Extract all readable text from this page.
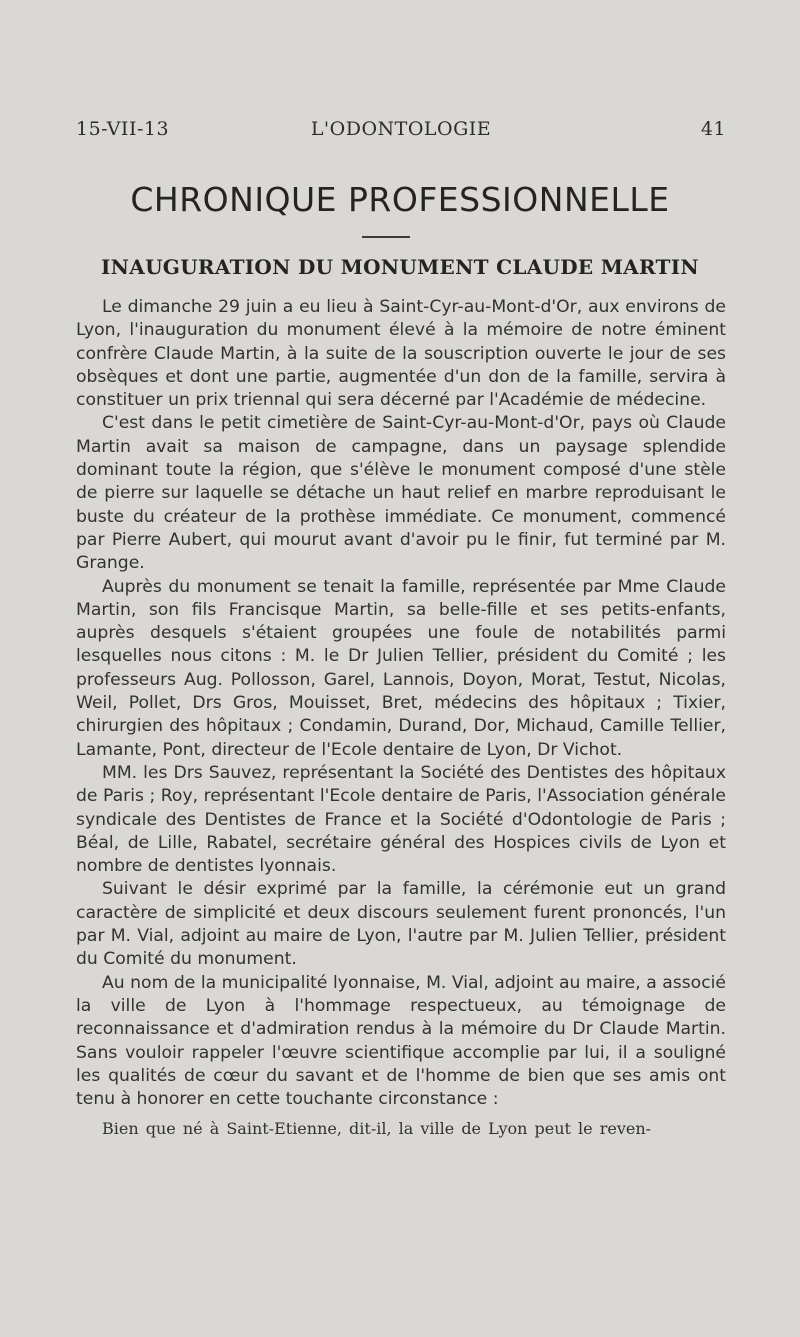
15-VII-13	L'ODONTOLOGIE	41
CHRONIQUE PROFESSIONNELLE
INAUGURATION DU MONUMENT CLAUDE MARTIN

Le dimanche 29 juin a eu lieu à Saint-Cyr-au-Mont-d'Or, aux environs de Lyon, l'inauguration du monument élevé à la mémoire de notre éminent confrère Claude Martin, à la suite de la souscription ouverte le jour de ses obsèques et dont une partie, augmentée d'un don de la famille, servira à constituer un prix triennal qui sera décerné par l'Académie de médecine.

C'est dans le petit cimetière de Saint-Cyr-au-Mont-d'Or, pays où Claude Martin avait sa maison de campagne, dans un paysage splendide dominant toute la région, que s'élève le monument composé d'une stèle de pierre sur laquelle se détache un haut relief en marbre reproduisant le buste du créateur de la prothèse immédiate. Ce monument, commencé par Pierre Aubert, qui mourut avant d'avoir pu le finir, fut terminé par M. Grange.

Auprès du monument se tenait la famille, représentée par Mme Claude Martin, son fils Francisque Martin, sa belle-fille et ses petits-enfants, auprès desquels s'étaient groupées une foule de notabilités parmi lesquelles nous citons : M. le Dr Julien Tellier, président du Comité ; les professeurs Aug. Pollosson, Garel, Lannois, Doyon, Morat, Testut, Nicolas, Weil, Pollet, Drs Gros, Mouisset, Bret, médecins des hôpitaux ; Tixier, chirurgien des hôpitaux ; Condamin, Durand, Dor, Michaud, Camille Tellier, Lamante, Pont, directeur de l'Ecole dentaire de Lyon, Dr Vichot.

MM. les Drs Sauvez, représentant la Société des Dentistes des hôpitaux de Paris ; Roy, représentant l'Ecole dentaire de Paris, l'Association générale syndicale des Dentistes de France et la Société d'Odontologie de Paris ; Béal, de Lille, Rabatel, secrétaire général des Hospices civils de Lyon et nombre de dentistes lyonnais.

Suivant le désir exprimé par la famille, la cérémonie eut un grand caractère de simplicité et deux discours seulement furent prononcés, l'un par M. Vial, adjoint au maire de Lyon, l'autre par M. Julien Tellier, président du Comité du monument.

Au nom de la municipalité lyonnaise, M. Vial, adjoint au maire, a associé la ville de Lyon à l'hommage respectueux, au témoignage de reconnaissance et d'admiration rendus à la mémoire du Dr Claude Martin. Sans vouloir rappeler l'œuvre scientifique accomplie par lui, il a souligné les qualités de cœur du savant et de l'homme de bien que ses amis ont tenu à honorer en cette touchante circonstance :

Bien que né à Saint-Etienne, dit-il, la ville de Lyon peut le reven-
